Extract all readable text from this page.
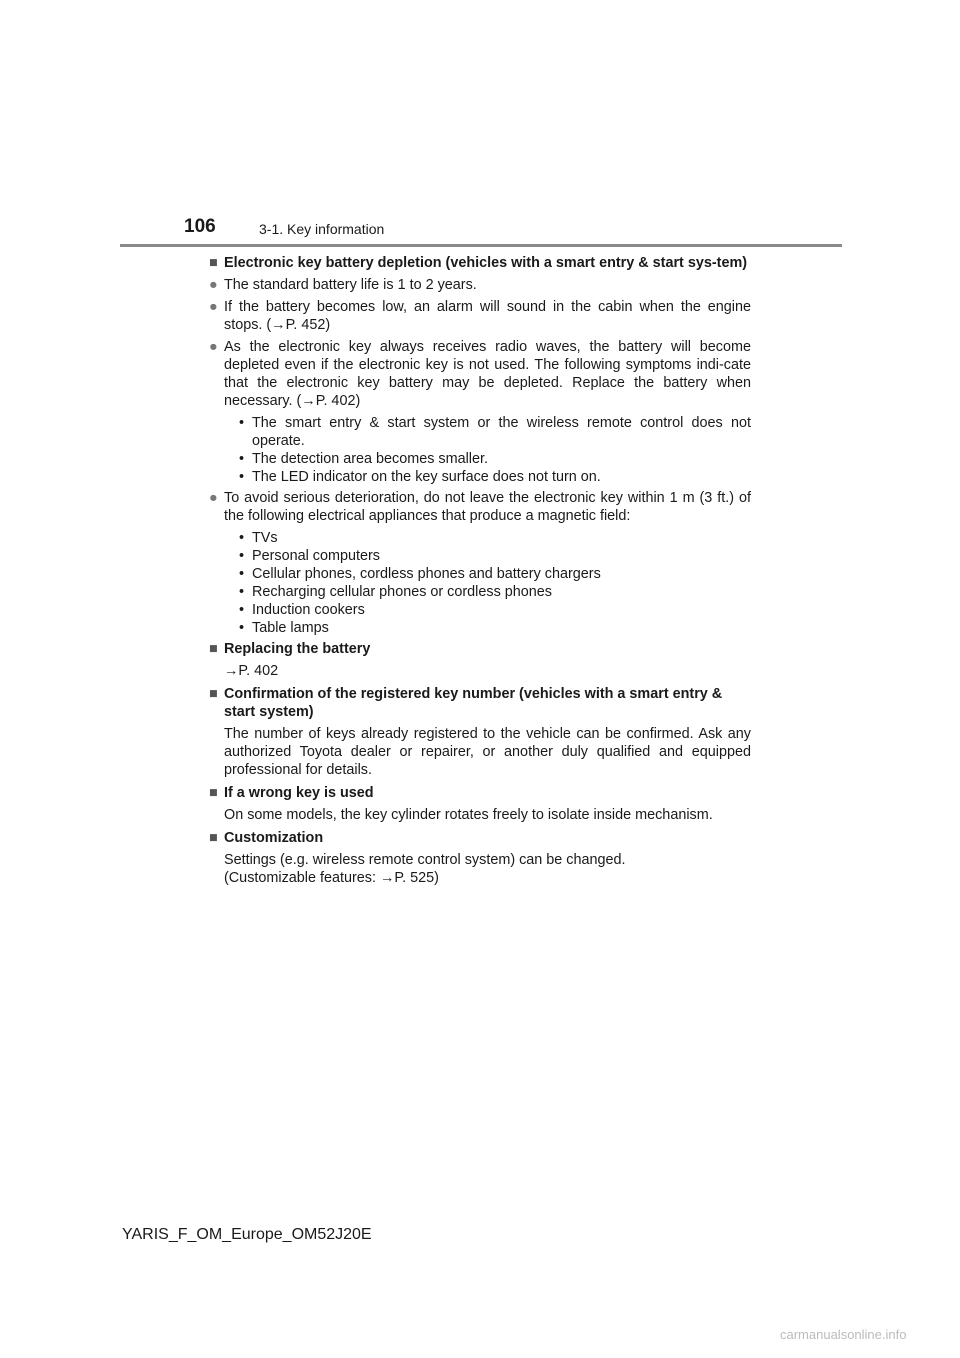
106	3-1. Key information
■ Electronic key battery depletion (vehicles with a smart entry & start sys-tem)
● The standard battery life is 1 to 2 years.
● If the battery becomes low, an alarm will sound in the cabin when the engine stops. (→P. 452)
● As the electronic key always receives radio waves, the battery will become depleted even if the electronic key is not used. The following symptoms indi-cate that the electronic key battery may be depleted. Replace the battery when necessary. (→P. 402)
• The smart entry & start system or the wireless remote control does not operate.
• The detection area becomes smaller.
• The LED indicator on the key surface does not turn on.
● To avoid serious deterioration, do not leave the electronic key within 1 m (3 ft.) of the following electrical appliances that produce a magnetic field:
• TVs
• Personal computers
• Cellular phones, cordless phones and battery chargers
• Recharging cellular phones or cordless phones
• Induction cookers
• Table lamps
■ Replacing the battery
→P. 402
■ Confirmation of the registered key number (vehicles with a smart entry & start system)
The number of keys already registered to the vehicle can be confirmed. Ask any authorized Toyota dealer or repairer, or another duly qualified and equipped professional for details.
■ If a wrong key is used
On some models, the key cylinder rotates freely to isolate inside mechanism.
■ Customization
Settings (e.g. wireless remote control system) can be changed.
(Customizable features: →P. 525)
YARIS_F_OM_Europe_OM52J20E
carmanualsonline.info
